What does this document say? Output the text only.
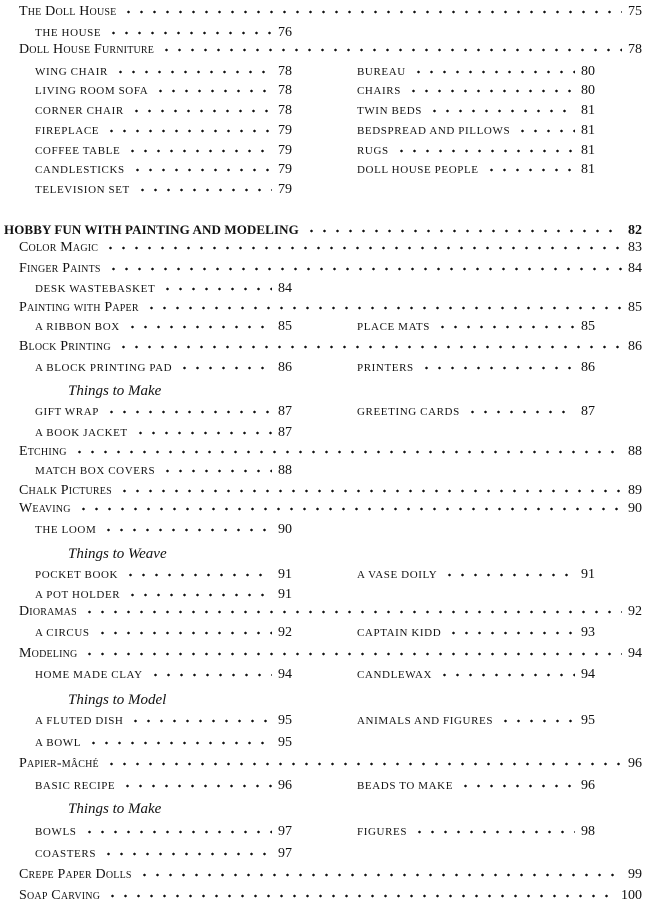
The Doll House	75
THE HOUSE	76
Doll House Furniture	78
WING CHAIR	78	BUREAU	80
LIVING ROOM SOFA	78	CHAIRS	80
CORNER CHAIR	78	TWIN BEDS	81
FIREPLACE	79	BEDSPREAD AND PILLOWS	81
COFFEE TABLE	79	RUGS	81
CANDLESTICKS	79	DOLL HOUSE PEOPLE	81
TELEVISION SET	79
HOBBY FUN WITH PAINTING AND MODELING	82
Color Magic	83
Finger Paints	84
DESK WASTEBASKET	84
Painting with Paper	85
A RIBBON BOX	85	PLACE MATS	85
Block Printing	86
A BLOCK PRINTING PAD	86	PRINTERS	86
Things to Make
GIFT WRAP	87	GREETING CARDS	87
A BOOK JACKET	87
Etching	88
MATCH BOX COVERS	88
Chalk Pictures	89
Weaving	90
THE LOOM	90
Things to Weave
POCKET BOOK	91	A VASE DOILY	91
A POT HOLDER	91
Dioramas	92
A CIRCUS	92	CAPTAIN KIDD	93
Modeling	94
HOME MADE CLAY	94	CANDLEWAX	94
Things to Model
A FLUTED DISH	95	ANIMALS AND FIGURES	95
A BOWL	95
Papier-mâché	96
BASIC RECIPE	96	BEADS TO MAKE	96
Things to Make
BOWLS	97	FIGURES	98
COASTERS	97
Crepe Paper Dolls	99
Soap Carving	100
